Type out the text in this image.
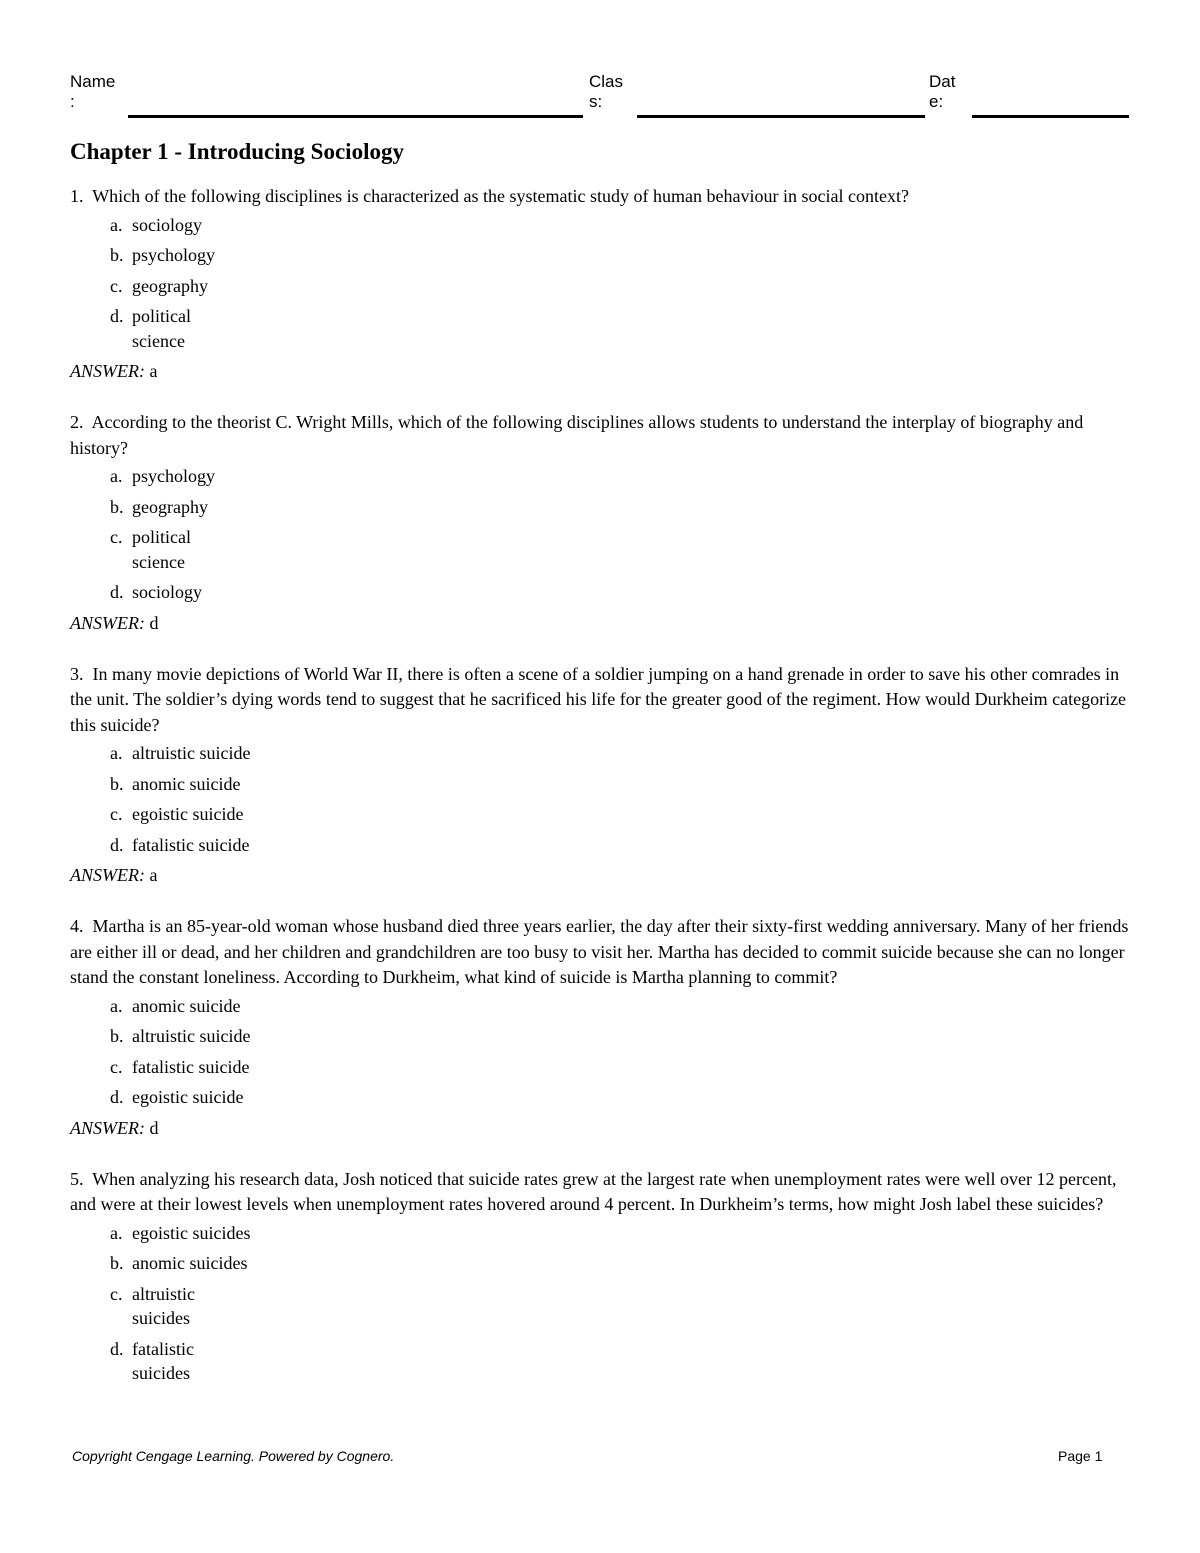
Name
:
Clas
s:
Dat
e:
Chapter 1 - Introducing Sociology
1. Which of the following disciplines is characterized as the systematic study of human behaviour in social context?
a. sociology
b. psychology
c. geography
d. political science
ANSWER: a
2. According to the theorist C. Wright Mills, which of the following disciplines allows students to understand the interplay of biography and history?
a. psychology
b. geography
c. political science
d. sociology
ANSWER: d
3. In many movie depictions of World War II, there is often a scene of a soldier jumping on a hand grenade in order to save his other comrades in the unit. The soldier’s dying words tend to suggest that he sacrificed his life for the greater good of the regiment. How would Durkheim categorize this suicide?
a. altruistic suicide
b. anomic suicide
c. egoistic suicide
d. fatalistic suicide
ANSWER: a
4. Martha is an 85-year-old woman whose husband died three years earlier, the day after their sixty-first wedding anniversary. Many of her friends are either ill or dead, and her children and grandchildren are too busy to visit her. Martha has decided to commit suicide because she can no longer stand the constant loneliness. According to Durkheim, what kind of suicide is Martha planning to commit?
a. anomic suicide
b. altruistic suicide
c. fatalistic suicide
d. egoistic suicide
ANSWER: d
5. When analyzing his research data, Josh noticed that suicide rates grew at the largest rate when unemployment rates were well over 12 percent, and were at their lowest levels when unemployment rates hovered around 4 percent. In Durkheim’s terms, how might Josh label these suicides?
a. egoistic suicides
b. anomic suicides
c. altruistic suicides
d. fatalistic suicides
Copyright Cengage Learning. Powered by Cognero.	Page 1
